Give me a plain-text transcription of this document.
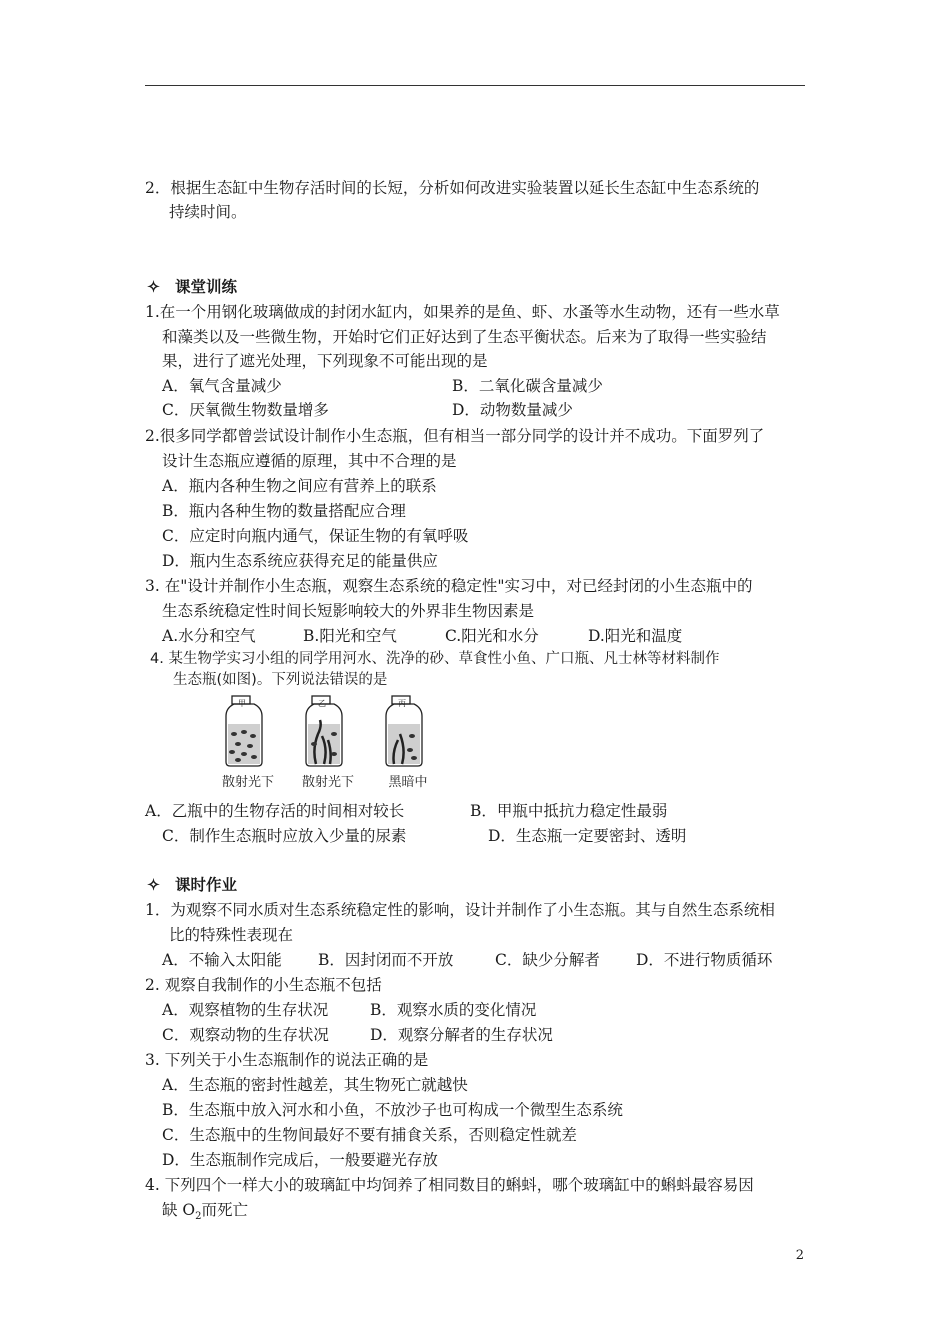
2．根据生态缸中生物存活时间的长短，分析如何改进实验装置以延长生态缸中生态系统的
持续时间。
✧ 课堂训练
1.在一个用钢化玻璃做成的封闭水缸内，如果养的是鱼、虾、水蚤等水生动物，还有一些水草
和藻类以及一些微生物，开始时它们正好达到了生态平衡状态。后来为了取得一些实验结
果，进行了遮光处理，下列现象不可能出现的是
A．氧气含量减少	B．二氧化碳含量减少
C．厌氧微生物数量增多	D．动物数量减少
2.很多同学都曾尝试设计制作小生态瓶，但有相当一部分同学的设计并不成功。下面罗列了
设计生态瓶应遵循的原理，其中不合理的是
A．瓶内各种生物之间应有营养上的联系
B．瓶内各种生物的数量搭配应合理
C．应定时向瓶内通气，保证生物的有氧呼吸
D．瓶内生态系统应获得充足的能量供应
3. 在"设计并制作小生态瓶，观察生态系统的稳定性"实习中，对已经封闭的小生态瓶中的
生态系统稳定性时间长短影响较大的外界非生物因素是
A.水分和空气	B.阳光和空气	C.阳光和水分	D.阳光和温度
4. 某生物学实习小组的同学用河水、洗净的砂、草食性小鱼、广口瓶、凡士林等材料制作
生态瓶(如图)。下列说法错误的是
甲	乙	丙
散射光下 散射光下	黑暗中
A．乙瓶中的生物存活的时间相对较长	B．甲瓶中抵抗力稳定性最弱
C．制作生态瓶时应放入少量的尿素	D．生态瓶一定要密封、透明
✧ 课时作业
1．为观察不同水质对生态系统稳定性的影响，设计并制作了小生态瓶。其与自然生态系统相
比的特殊性表现在
A．不输入太阳能 B．因封闭而不开放	C．缺少分解者 D．不进行物质循环
2. 观察自我制作的小生态瓶不包括
A．观察植物的生存状况	B．观察水质的变化情况
C．观察动物的生存状况	D．观察分解者的生存状况
3. 下列关于小生态瓶制作的说法正确的是
A．生态瓶的密封性越差，其生物死亡就越快
B．生态瓶中放入河水和小鱼，不放沙子也可构成一个微型生态系统
C．生态瓶中的生物间最好不要有捕食关系，否则稳定性就差
D．生态瓶制作完成后，一般要避光存放
4. 下列四个一样大小的玻璃缸中均饲养了相同数目的蝌蚪，哪个玻璃缸中的蝌蚪最容易因
缺 $O_2$而死亡
2
